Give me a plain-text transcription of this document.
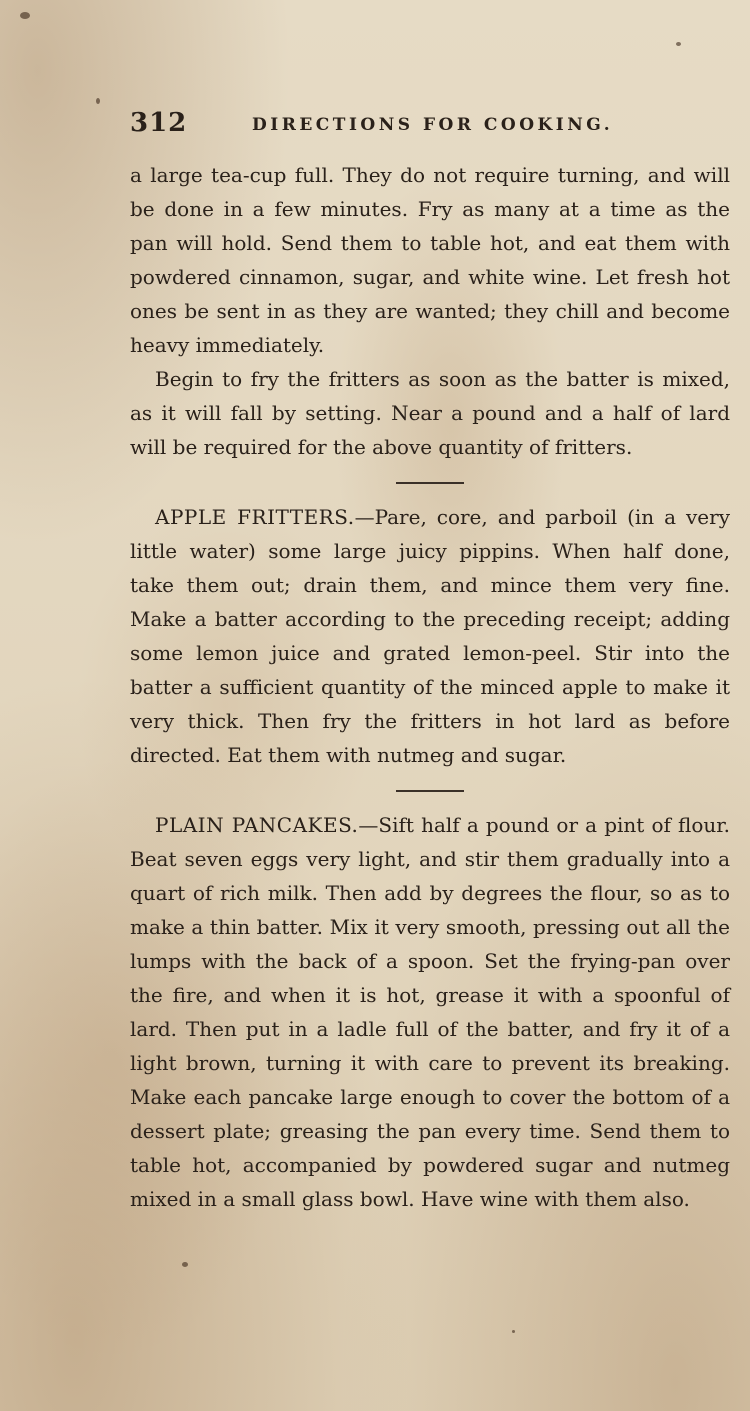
312	DIRECTIONS FOR COOKING.

a large tea-cup full. They do not require turning, and will be done in a few minutes. Fry as many at a time as the pan will hold. Send them to table hot, and eat them with powdered cinnamon, sugar, and white wine. Let fresh hot ones be sent in as they are wanted; they chill and become heavy immediately.

Begin to fry the fritters as soon as the batter is mixed, as it will fall by setting. Near a pound and a half of lard will be required for the above quantity of fritters.

APPLE FRITTERS.—Pare, core, and parboil (in a very little water) some large juicy pippins. When half done, take them out; drain them, and mince them very fine. Make a batter according to the preceding receipt; adding some lemon juice and grated lemon-peel. Stir into the batter a sufficient quantity of the minced apple to make it very thick. Then fry the fritters in hot lard as before directed. Eat them with nutmeg and sugar.

PLAIN PANCAKES.—Sift half a pound or a pint of flour. Beat seven eggs very light, and stir them gradually into a quart of rich milk. Then add by degrees the flour, so as to make a thin batter. Mix it very smooth, pressing out all the lumps with the back of a spoon. Set the frying-pan over the fire, and when it is hot, grease it with a spoonful of lard. Then put in a ladle full of the batter, and fry it of a light brown, turning it with care to prevent its breaking. Make each pancake large enough to cover the bottom of a dessert plate; greasing the pan every time. Send them to table hot, accompanied by powdered sugar and nutmeg mixed in a small glass bowl. Have wine with them also.
